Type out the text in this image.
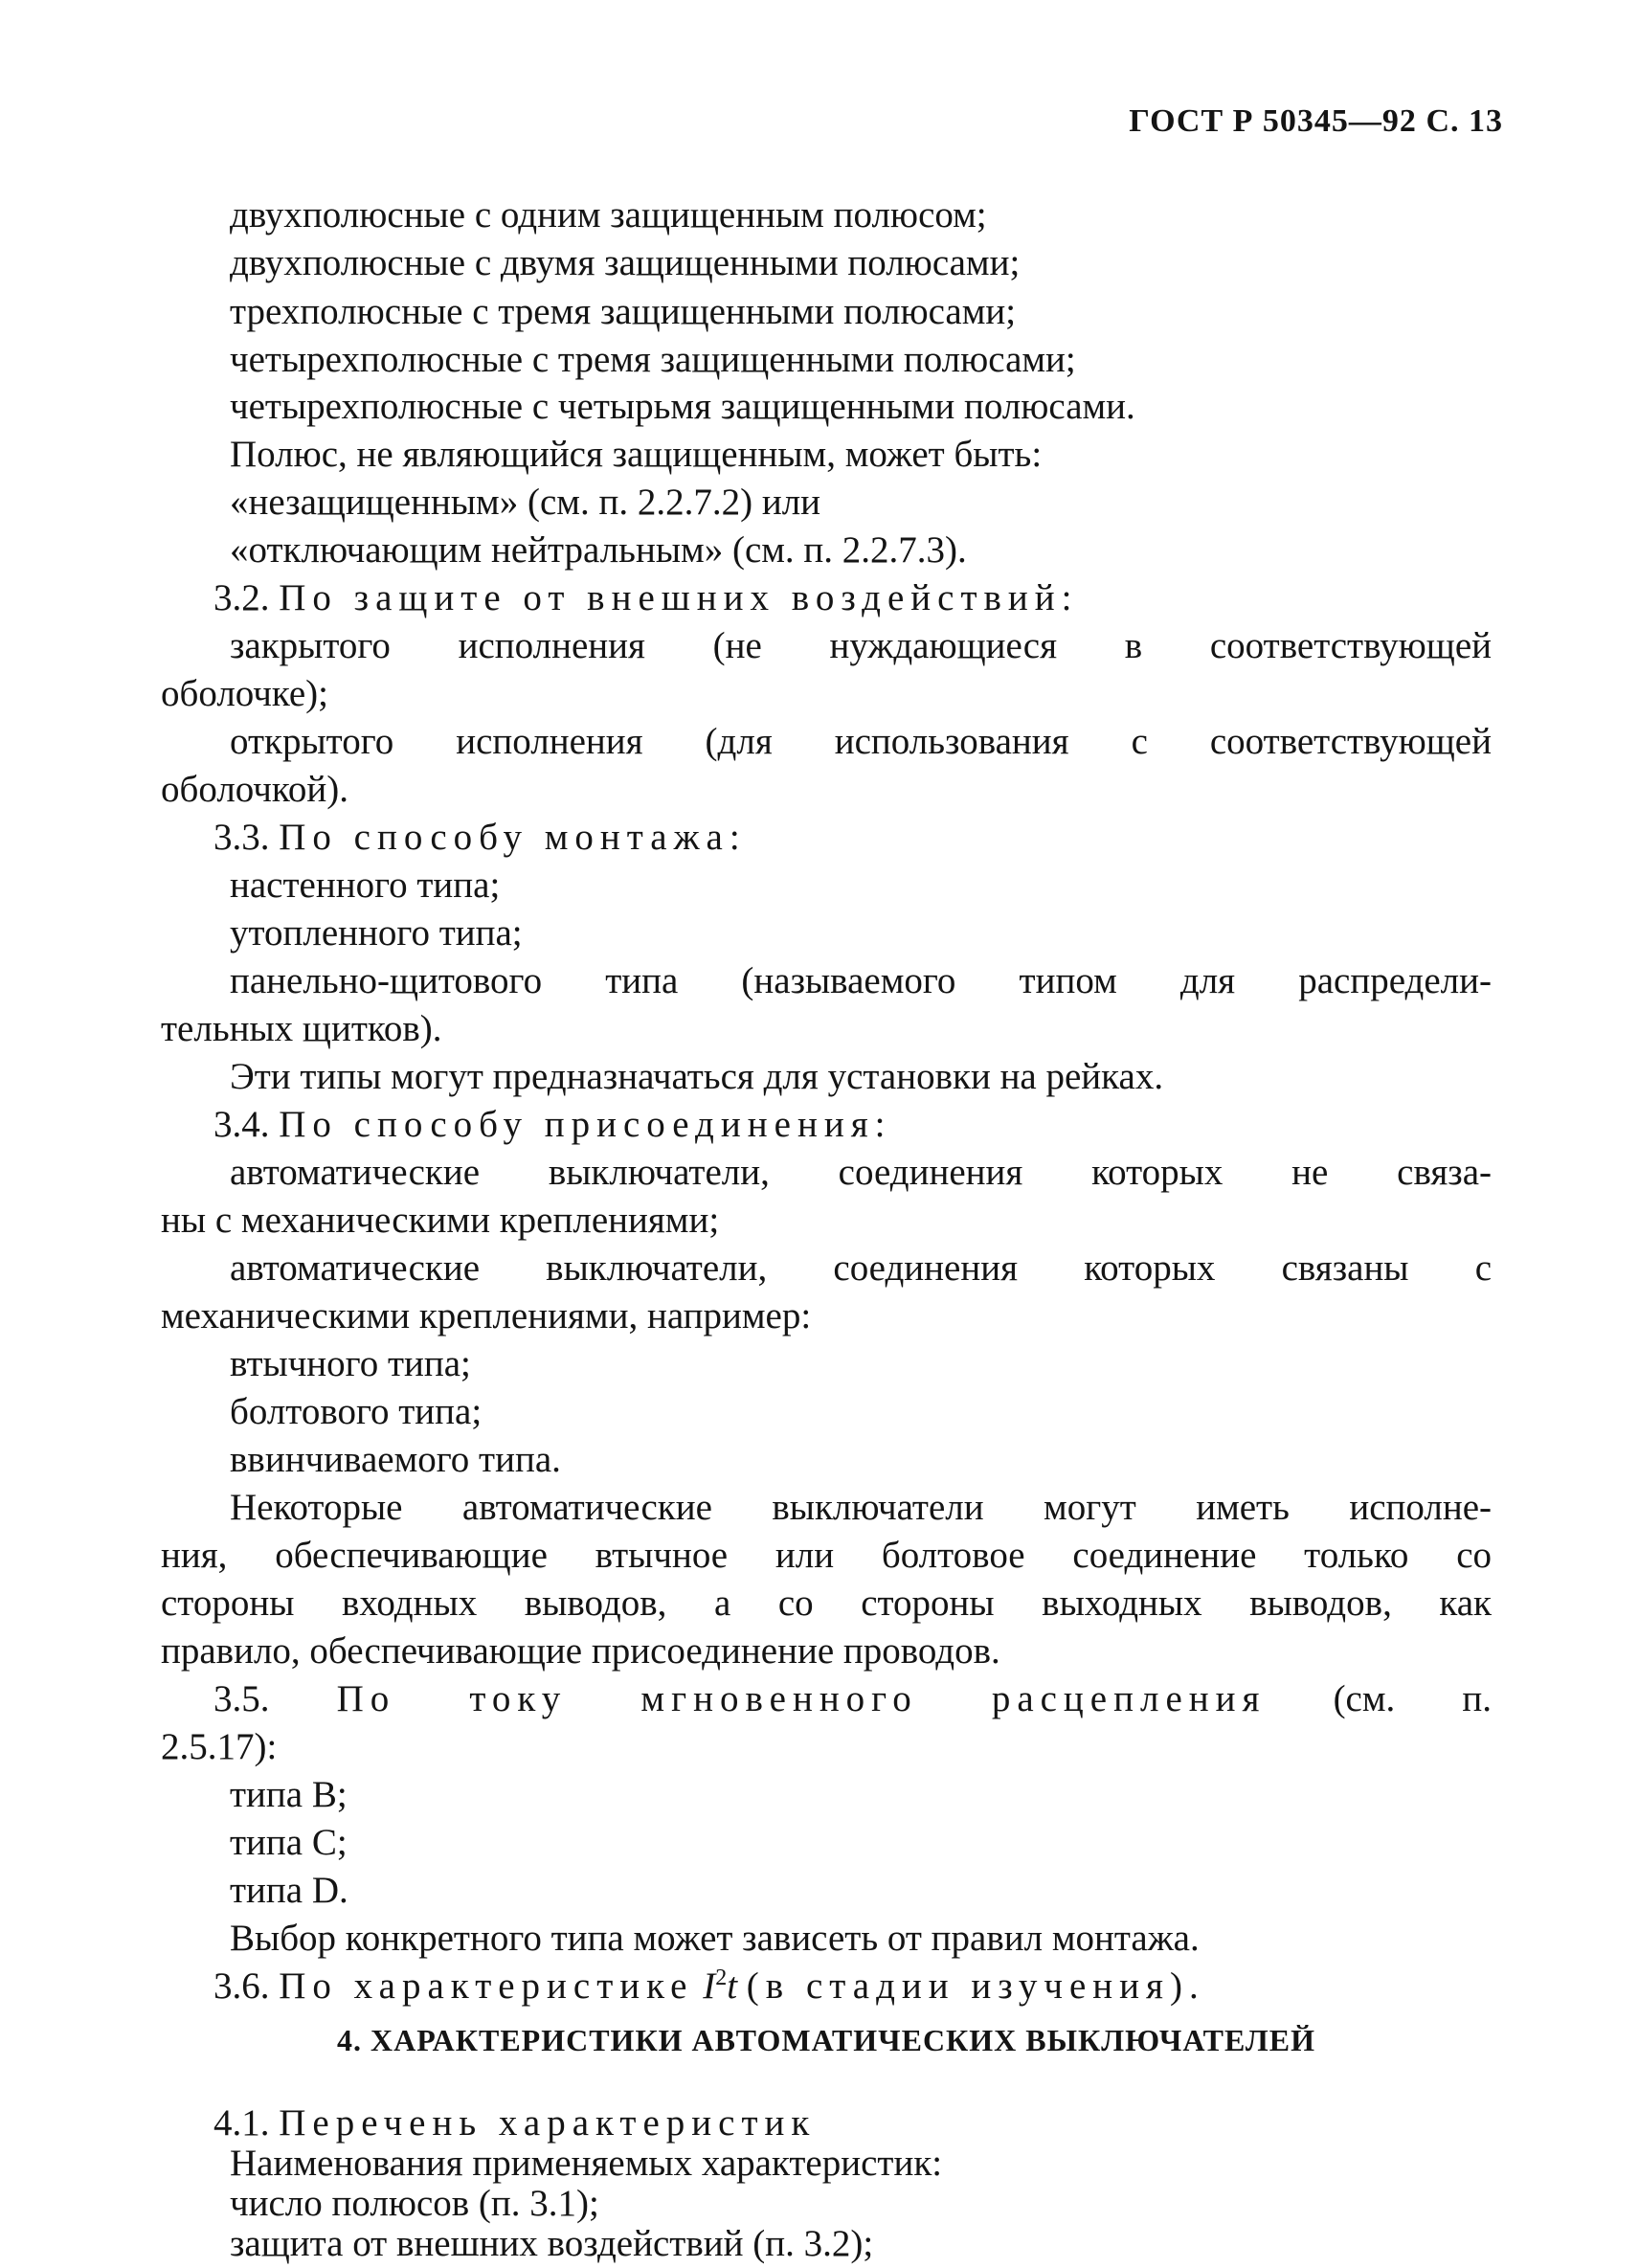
ГОСТ Р 50345—92 С. 13
двухполюсные с одним защищенным полюсом;
двухполюсные с двумя защищенными полюсами;
трехполюсные с тремя защищенными полюсами;
четырехполюсные с тремя защищенными полюсами;
четырехполюсные с четырьмя защищенными полюсами.
Полюс, не являющийся защищенным, может быть:
«незащищенным» (см. п. 2.2.7.2) или
«отключающим нейтральным» (см. п. 2.2.7.3).
3.2. По защите от внешних воздействий:
закрытого исполнения (не нуждающиеся в соответствующей
оболочке);
открытого исполнения (для использования с соответствующей
оболочкой).
3.3. По способу монтажа:
настенного типа;
утопленного типа;
панельно-щитового типа (называемого типом для распредели-
тельных щитков).
Эти типы могут предназначаться для установки на рейках.
3.4. По способу присоединения:
автоматические выключатели, соединения которых не связа-
ны с механическими креплениями;
автоматические выключатели, соединения которых связаны с
механическими креплениями, например:
втычного типа;
болтового типа;
ввинчиваемого типа.
Некоторые автоматические выключатели могут иметь исполне-
ния, обеспечивающие втычное или болтовое соединение только со
стороны входных выводов, а со стороны выходных выводов, как
правило, обеспечивающие присоединение проводов.
3.5. По току мгновенного расцепления (см. п.
2.5.17):
типа B;
типа C;
типа D.
Выбор конкретного типа может зависеть от правил монтажа.
3.6. По характеристике $I^2t$ (в стадии изучения).
4. ХАРАКТЕРИСТИКИ АВТОМАТИЧЕСКИХ ВЫКЛЮЧАТЕЛЕЙ
4.1. Перечень характеристик
Наименования применяемых характеристик:
число полюсов (п. 3.1);
защита от внешних воздействий (п. 3.2);
